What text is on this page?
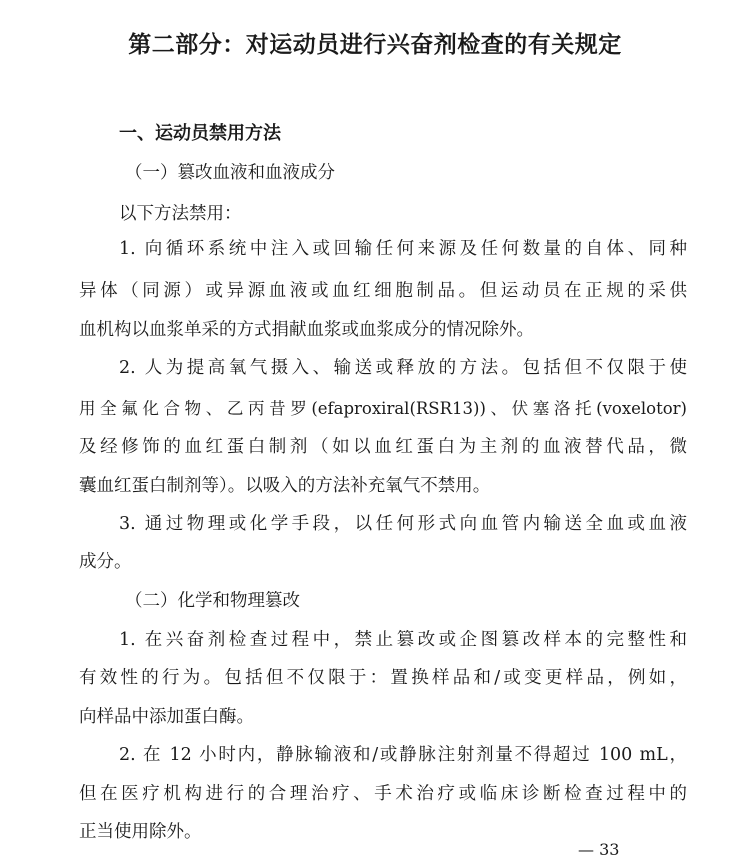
第二部分：对运动员进行兴奋剂检查的有关规定
一、运动员禁用方法

（一）篡改血液和血液成分

以下方法禁用：

1. 向循环系统中注入或回输任何来源及任何数量的自体、同种

异体（同源）或异源血液或血红细胞制品。但运动员在正规的采供

血机构以血浆单采的方式捐献血浆或血浆成分的情况除外。

2. 人为提高氧气摄入、输送或释放的方法。包括但不仅限于使

用全氟化合物、乙丙昔罗(efaproxiral(RSR13))、伏塞洛托(voxelotor)

及经修饰的血红蛋白制剂（如以血红蛋白为主剂的血液替代品，微

囊血红蛋白制剂等）。以吸入的方法补充氧气不禁用。

3. 通过物理或化学手段，以任何形式向血管内输送全血或血液

成分。

（二）化学和物理篡改

1. 在兴奋剂检查过程中，禁止篡改或企图篡改样本的完整性和

有效性的行为。包括但不仅限于：置换样品和/或变更样品，例如，

向样品中添加蛋白酶。

2. 在 12 小时内，静脉输液和/或静脉注射剂量不得超过 100 mL，

但在医疗机构进行的合理治疗、手术治疗或临床诊断检查过程中的

正当使用除外。

— 33
